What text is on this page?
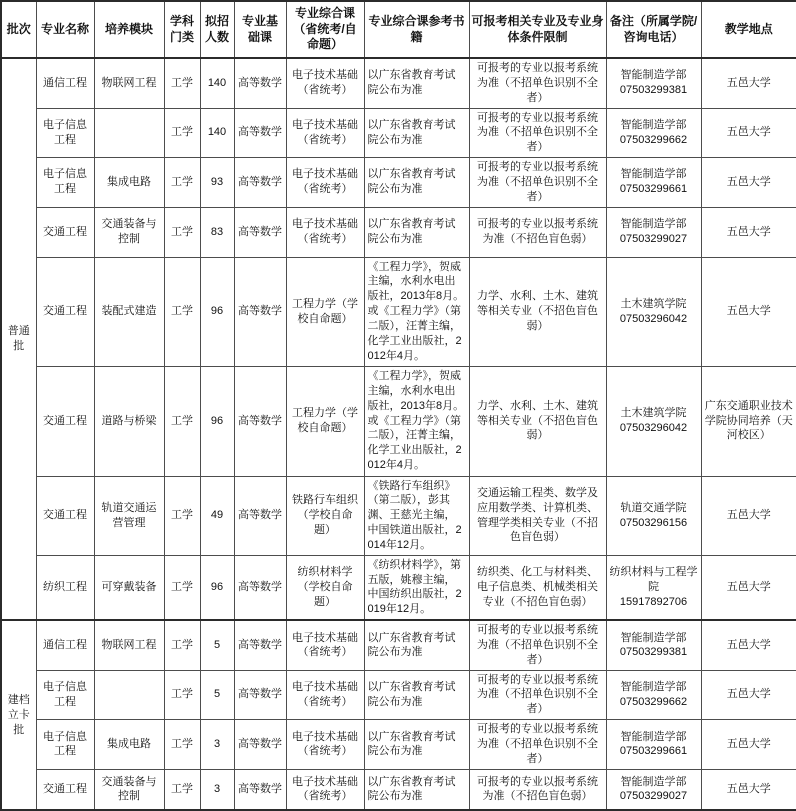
批次	专业名称	培养模块	学科门类	拟招人数	专业基础课	专业综合课（省统考/自命题）	专业综合课参考书籍	可报考相关专业及专业身体条件限制	备注（所属学院/咨询电话）	教学地点
普通批	通信工程	物联网工程	工学	140	高等数学	电子技术基础（省统考）	以广东省教育考试院公布为准	可报考的专业以报考系统为准（不招单色识别不全者）	智能制造学部
07503299381	五邑大学
	电子信息工程		工学	140	高等数学	电子技术基础（省统考）	以广东省教育考试院公布为准	可报考的专业以报考系统为准（不招单色识别不全者）	智能制造学部
07503299662	五邑大学
	电子信息工程	集成电路	工学	93	高等数学	电子技术基础（省统考）	以广东省教育考试院公布为准	可报考的专业以报考系统为准（不招单色识别不全者）	智能制造学部
07503299661	五邑大学
	交通工程	交通装备与控制	工学	83	高等数学	电子技术基础（省统考）	以广东省教育考试院公布为准	可报考的专业以报考系统为准（不招色盲色弱）	智能制造学部
07503299027	五邑大学
	交通工程	装配式建造	工学	96	高等数学	工程力学（学校自命题）	《工程力学》，贺威主编，水利水电出版社，2013年8月。或《工程力学》（第二版），汪菁主编，化学工业出版社，2012年4月。	力学、水利、土木、建筑等相关专业（不招色盲色弱）	土木建筑学院
07503296042	五邑大学
	交通工程	道路与桥梁	工学	96	高等数学	工程力学（学校自命题）	《工程力学》，贺威主编，水利水电出版社，2013年8月。或《工程力学》（第二版），汪菁主编，化学工业出版社，2012年4月。	力学、水利、土木、建筑等相关专业（不招色盲色弱）	土木建筑学院
07503296042	广东交通职业技术学院协同培养（天河校区）
	交通工程	轨道交通运营管理	工学	49	高等数学	铁路行车组织（学校自命题）	《铁路行车组织》（第二版），彭其渊、王慈光主编，中国铁道出版社，2014年12月。	交通运输工程类、数学及应用数学类、计算机类、管理学类相关专业（不招色盲色弱）	轨道交通学院
07503296156	五邑大学
	纺织工程	可穿戴装备	工学	96	高等数学	纺织材料学（学校自命题）	《纺织材料学》，第五版，姚穆主编，中国纺织出版社，2019年12月。	纺织类、化工与材料类、电子信息类、机械类相关专业（不招色盲色弱）	纺织材料与工程学院
15917892706	五邑大学
建档立卡批	通信工程	物联网工程	工学	5	高等数学	电子技术基础（省统考）	以广东省教育考试院公布为准	可报考的专业以报考系统为准（不招单色识别不全者）	智能制造学部
07503299381	五邑大学
	电子信息工程		工学	5	高等数学	电子技术基础（省统考）	以广东省教育考试院公布为准	可报考的专业以报考系统为准（不招单色识别不全者）	智能制造学部
07503299662	五邑大学
	电子信息工程	集成电路	工学	3	高等数学	电子技术基础（省统考）	以广东省教育考试院公布为准	可报考的专业以报考系统为准（不招单色识别不全者）	智能制造学部
07503299661	五邑大学
	交通工程	交通装备与控制	工学	3	高等数学	电子技术基础（省统考）	以广东省教育考试院公布为准	可报考的专业以报考系统为准（不招色盲色弱）	智能制造学部
07503299027	五邑大学
